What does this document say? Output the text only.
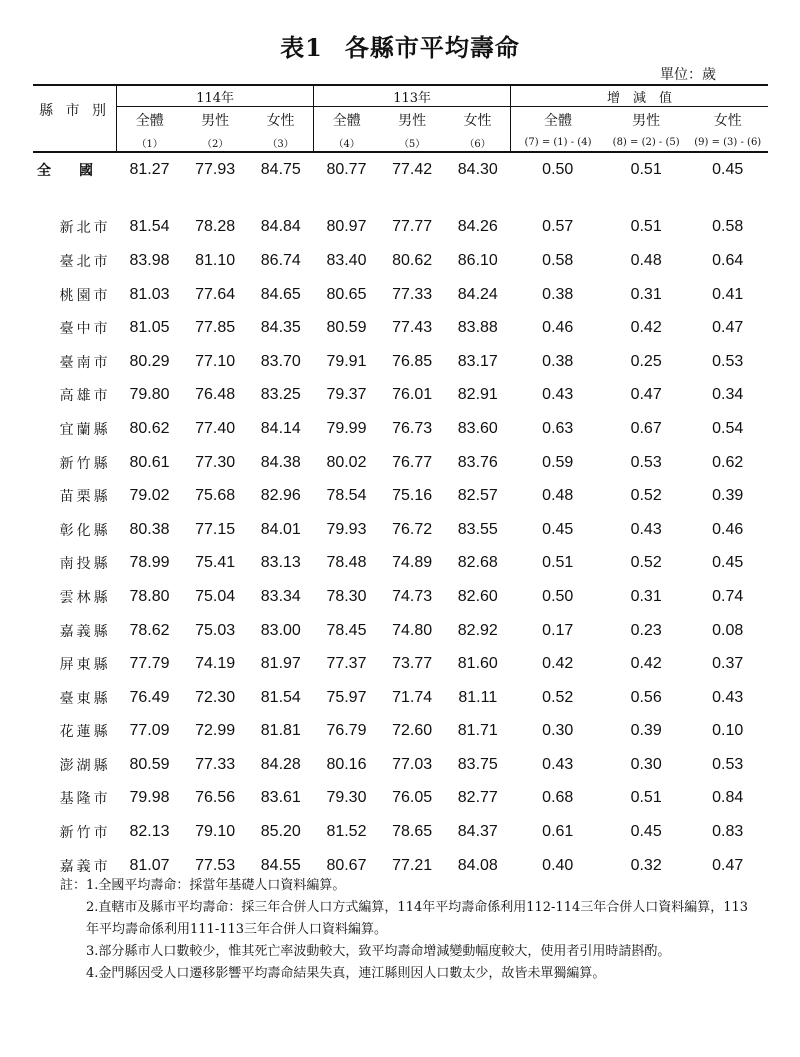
表1 各縣市平均壽命
單位：歲
縣 市 別	114年			113年			增　減　值		
	全體	男性	女性	全體	男性	女性	全體	男性	女性
	（1）	（2）	（3）	（4）	（5）	（6）	(7) = (1) - (4)	(8) = (2) - (5)	(9) = (3) - (6)
全　　國	81.27	77.93	84.75	80.77	77.42	84.30	0.50	0.51	0.45

新北市	81.54	78.28	84.84	80.97	77.77	84.26	0.57	0.51	0.58
臺北市	83.98	81.10	86.74	83.40	80.62	86.10	0.58	0.48	0.64
桃園市	81.03	77.64	84.65	80.65	77.33	84.24	0.38	0.31	0.41
臺中市	81.05	77.85	84.35	80.59	77.43	83.88	0.46	0.42	0.47
臺南市	80.29	77.10	83.70	79.91	76.85	83.17	0.38	0.25	0.53
高雄市	79.80	76.48	83.25	79.37	76.01	82.91	0.43	0.47	0.34
宜蘭縣	80.62	77.40	84.14	79.99	76.73	83.60	0.63	0.67	0.54
新竹縣	80.61	77.30	84.38	80.02	76.77	83.76	0.59	0.53	0.62
苗栗縣	79.02	75.68	82.96	78.54	75.16	82.57	0.48	0.52	0.39
彰化縣	80.38	77.15	84.01	79.93	76.72	83.55	0.45	0.43	0.46
南投縣	78.99	75.41	83.13	78.48	74.89	82.68	0.51	0.52	0.45
雲林縣	78.80	75.04	83.34	78.30	74.73	82.60	0.50	0.31	0.74
嘉義縣	78.62	75.03	83.00	78.45	74.80	82.92	0.17	0.23	0.08
屏東縣	77.79	74.19	81.97	77.37	73.77	81.60	0.42	0.42	0.37
臺東縣	76.49	72.30	81.54	75.97	71.74	81.11	0.52	0.56	0.43
花蓮縣	77.09	72.99	81.81	76.79	72.60	81.71	0.30	0.39	0.10
澎湖縣	80.59	77.33	84.28	80.16	77.03	83.75	0.43	0.30	0.53
基隆市	79.98	76.56	83.61	79.30	76.05	82.77	0.68	0.51	0.84
新竹市	82.13	79.10	85.20	81.52	78.65	84.37	0.61	0.45	0.83
嘉義市	81.07	77.53	84.55	80.67	77.21	84.08	0.40	0.32	0.47
註： 1.全國平均壽命：採當年基礎人口資料編算。
2.直轄市及縣市平均壽命：採三年合併人口方式編算，114年平均壽命係利用112-114三年合併人口資料編算，113年平均壽命係利用111-113三年合併人口資料編算。
3.部分縣市人口數較少，惟其死亡率波動較大，致平均壽命增減變動幅度較大，使用者引用時請斟酌。
4.金門縣因受人口遷移影響平均壽命結果失真，連江縣則因人口數太少，故皆未單獨編算。
